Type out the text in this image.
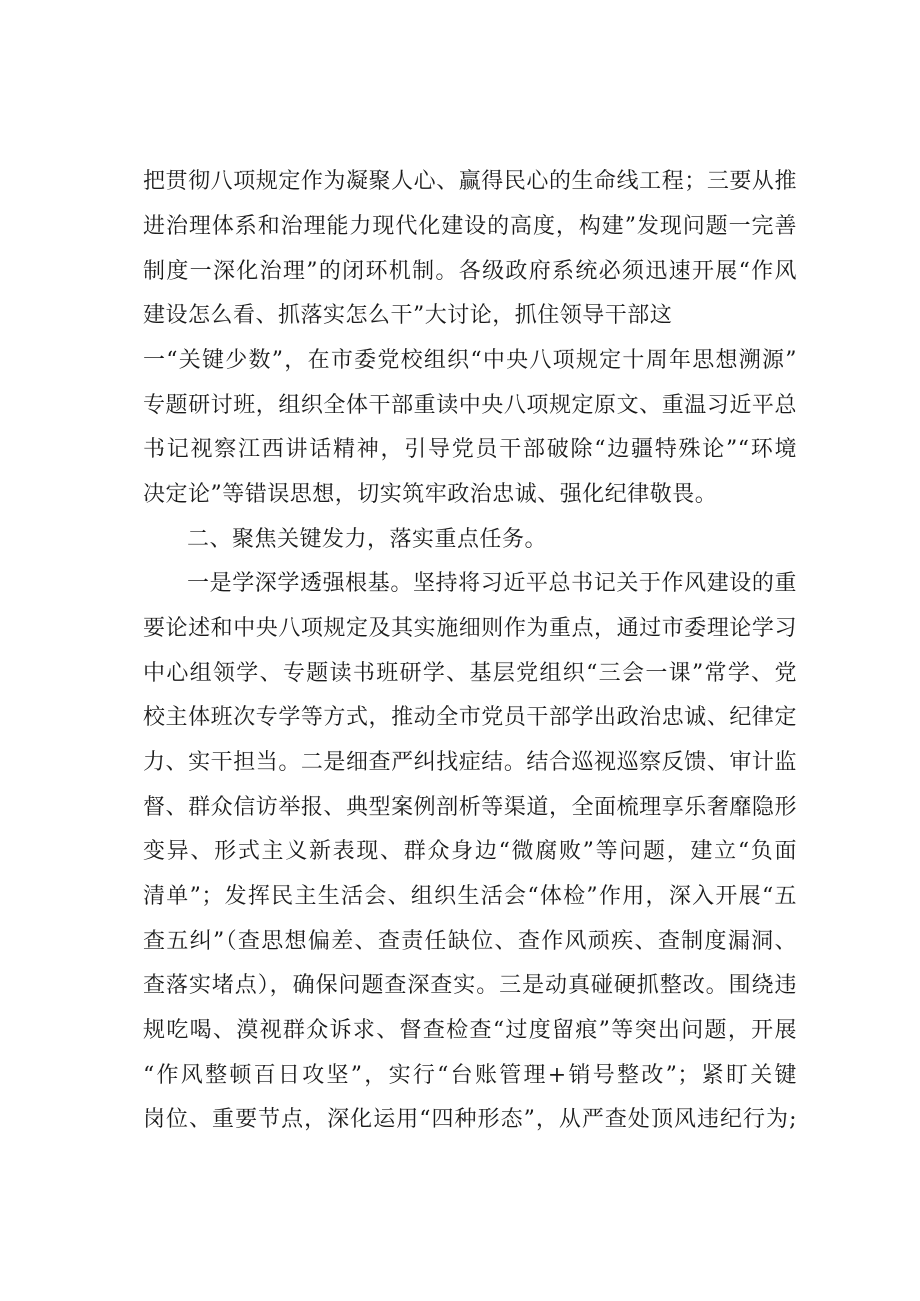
把贯彻八项规定作为凝聚人心、赢得民心的生命线工程；三要从推
进治理体系和治理能力现代化建设的高度，构建”发现问题一完善
制度一深化治理”的闭环机制。各级政府系统必须迅速开展“作风
建设怎么看、抓落实怎么干”大讨论，抓住领导干部这
一“关键少数”，在市委党校组织“中央八项规定十周年思想溯源”
专题研讨班，组织全体干部重读中央八项规定原文、重温习近平总
书记视察江西讲话精神，引导党员干部破除“边疆特殊论”“环境
决定论”等错误思想，切实筑牢政治忠诚、强化纪律敬畏。
二、聚焦关键发力，落实重点任务。
一是学深学透强根基。坚持将习近平总书记关于作风建设的重
要论述和中央八项规定及其实施细则作为重点，通过市委理论学习
中心组领学、专题读书班研学、基层党组织“三会一课”常学、党
校主体班次专学等方式，推动全市党员干部学出政治忠诚、纪律定
力、实干担当。二是细查严纠找症结。结合巡视巡察反馈、审计监
督、群众信访举报、典型案例剖析等渠道，全面梳理享乐奢靡隐形
变异、形式主义新表现、群众身边“微腐败”等问题，建立“负面
清单”；发挥民主生活会、组织生活会“体检”作用，深入开展“五
查五纠”（查思想偏差、查责任缺位、查作风顽疾、查制度漏洞、
查落实堵点），确保问题查深查实。三是动真碰硬抓整改。围绕违
规吃喝、漠视群众诉求、督查检查“过度留痕”等突出问题，开展
“作风整顿百日攻坚”，实行“台账管理+销号整改”；紧盯关键
岗位、重要节点，深化运用“四种形态”，从严查处顶风违纪行为;
